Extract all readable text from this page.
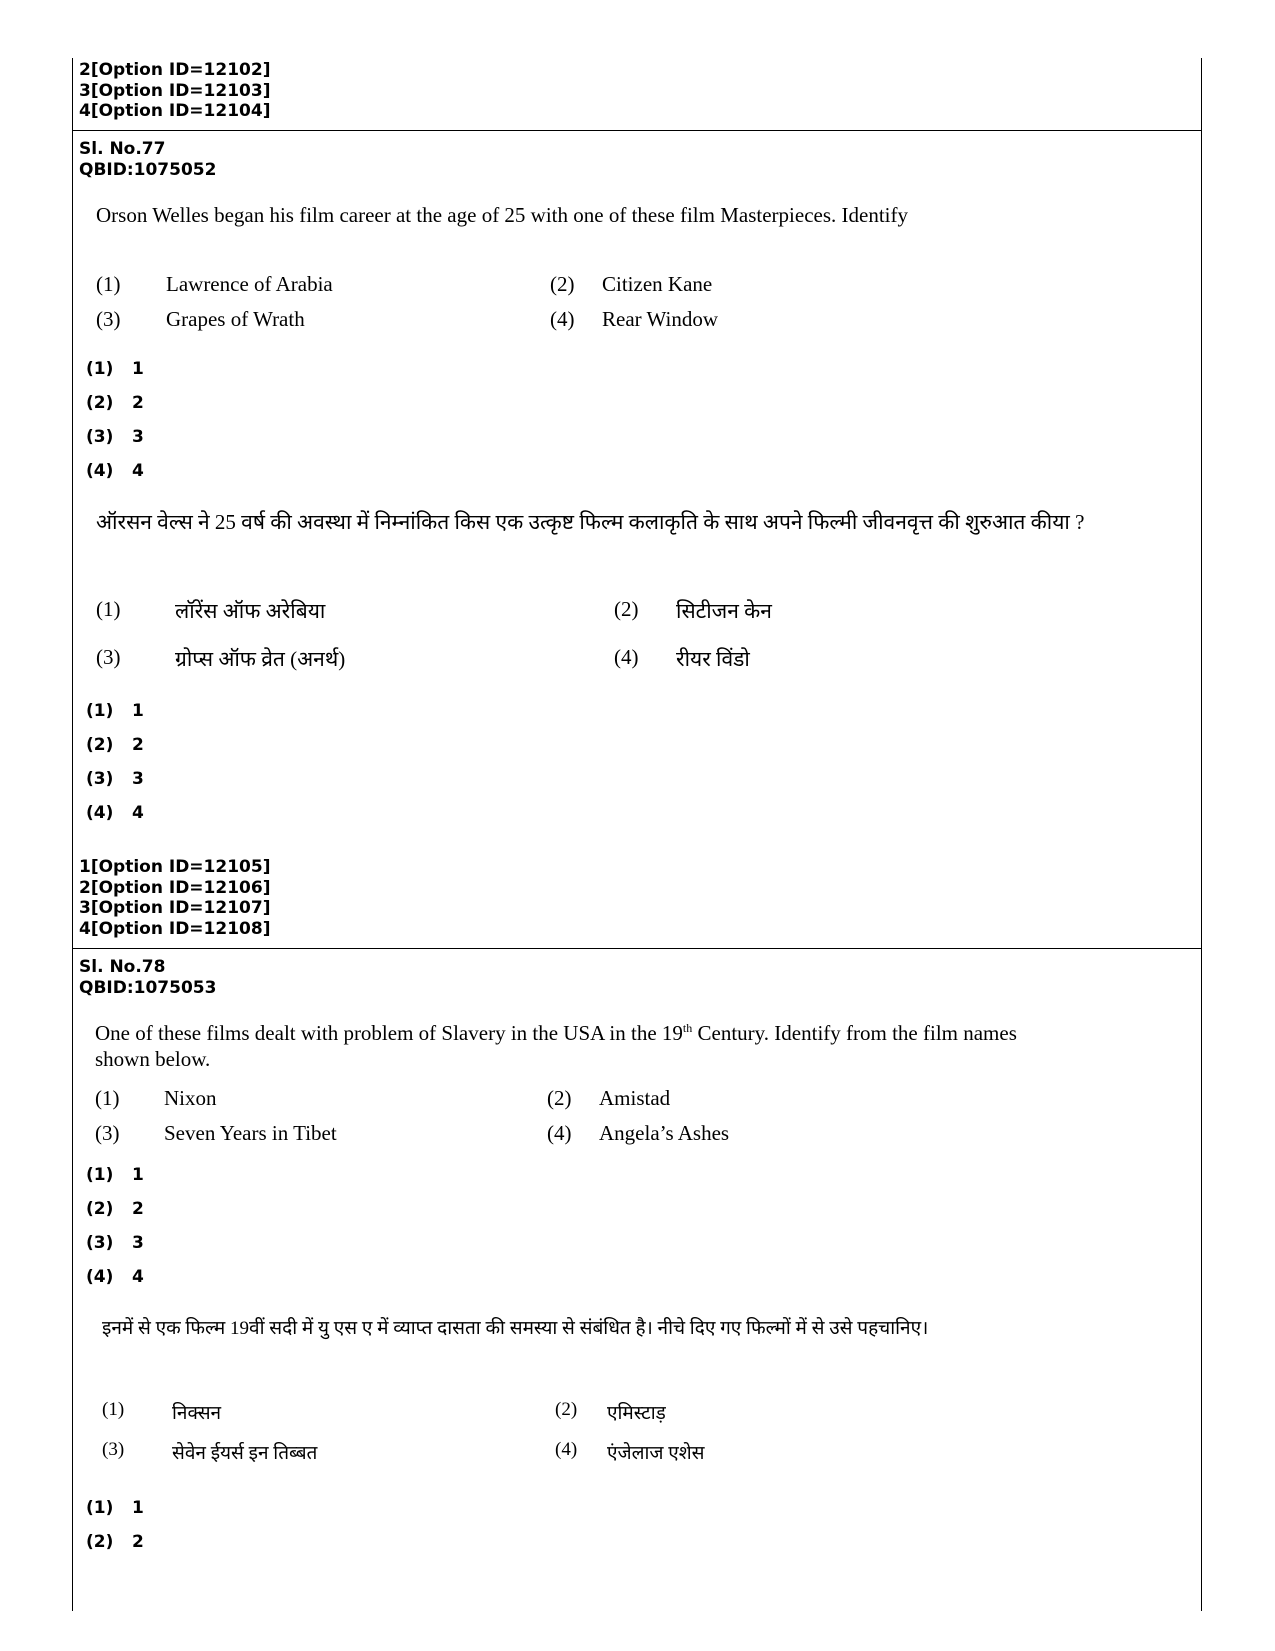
2[Option ID=12102]
3[Option ID=12103]
4[Option ID=12104]
Sl. No.77
QBID:1075052
Orson Welles began his film career at the age of 25 with one of these film Masterpieces. Identify
(1) Lawrence of Arabia	(2) Citizen Kane
(3) Grapes of Wrath	(4) Rear Window
(1) 1
(2) 2
(3) 3
(4) 4
ऑरसन वेल्स ने 25 वर्ष की अवस्था में निम्नांकित किस एक उत्कृष्ट फिल्म कलाकृति के साथ अपने फिल्मी जीवनवृत्त की शुरुआत कीया ?
(1)	लॉरेंस ऑफ अरेबिया	(2) सिटीजन केन
(3)	ग्रोप्स ऑफ व्रेत (अनर्थ)	(4) रीयर विंडो
(1) 1
(2) 2
(3) 3
(4) 4
1[Option ID=12105]
2[Option ID=12106]
3[Option ID=12107]
4[Option ID=12108]
Sl. No.78
QBID:1075053
One of these films dealt with problem of Slavery in the USA in the 19th Century. Identify from the film names shown below.
(1) Nixon	(2) Amistad
(3) Seven Years in Tibet	(4) Angela’s Ashes
(1) 1
(2) 2
(3) 3
(4) 4
इनमें से एक फिल्म 19वीं सदी में यु एस ए में व्याप्त दासता की समस्या से संबंधित है। नीचे दिए गए फिल्मों में से उसे पहचानिए।
(1)	निक्सन	(2) एमिस्टाड़
(3)	सेवेन ईयर्स इन तिब्बत	(4) एंजेलाज एशेस
(1) 1
(2) 2
